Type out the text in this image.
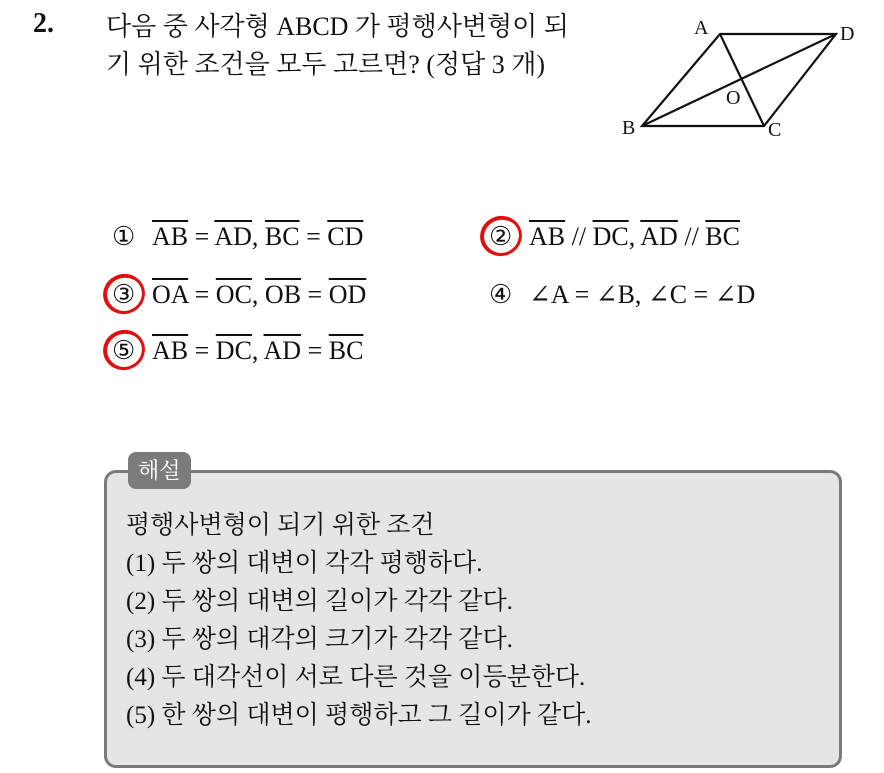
2. 다음 중 사각형 ABCD 가 평행사변형이 되
기 위한 조건을 모두 고르면? (정답 3 개)
A	D
B	C
O
① $\overline{AB} = \overline{AD}$, $\overline{BC} = \overline{CD}$	② $\overline{AB} // \overline{DC}$, $\overline{AD} // \overline{BC}$
③ $\overline{OA} = \overline{OC}$, $\overline{OB} = \overline{OD}$	④ ∠A = ∠B, ∠C = ∠D
⑤ $\overline{AB} = \overline{DC}$, $\overline{AD} = \overline{BC}$
해설
평행사변형이 되기 위한 조건
(1) 두 쌍의 대변이 각각 평행하다.
(2) 두 쌍의 대변의 길이가 각각 같다.
(3) 두 쌍의 대각의 크기가 각각 같다.
(4) 두 대각선이 서로 다른 것을 이등분한다.
(5) 한 쌍의 대변이 평행하고 그 길이가 같다.
